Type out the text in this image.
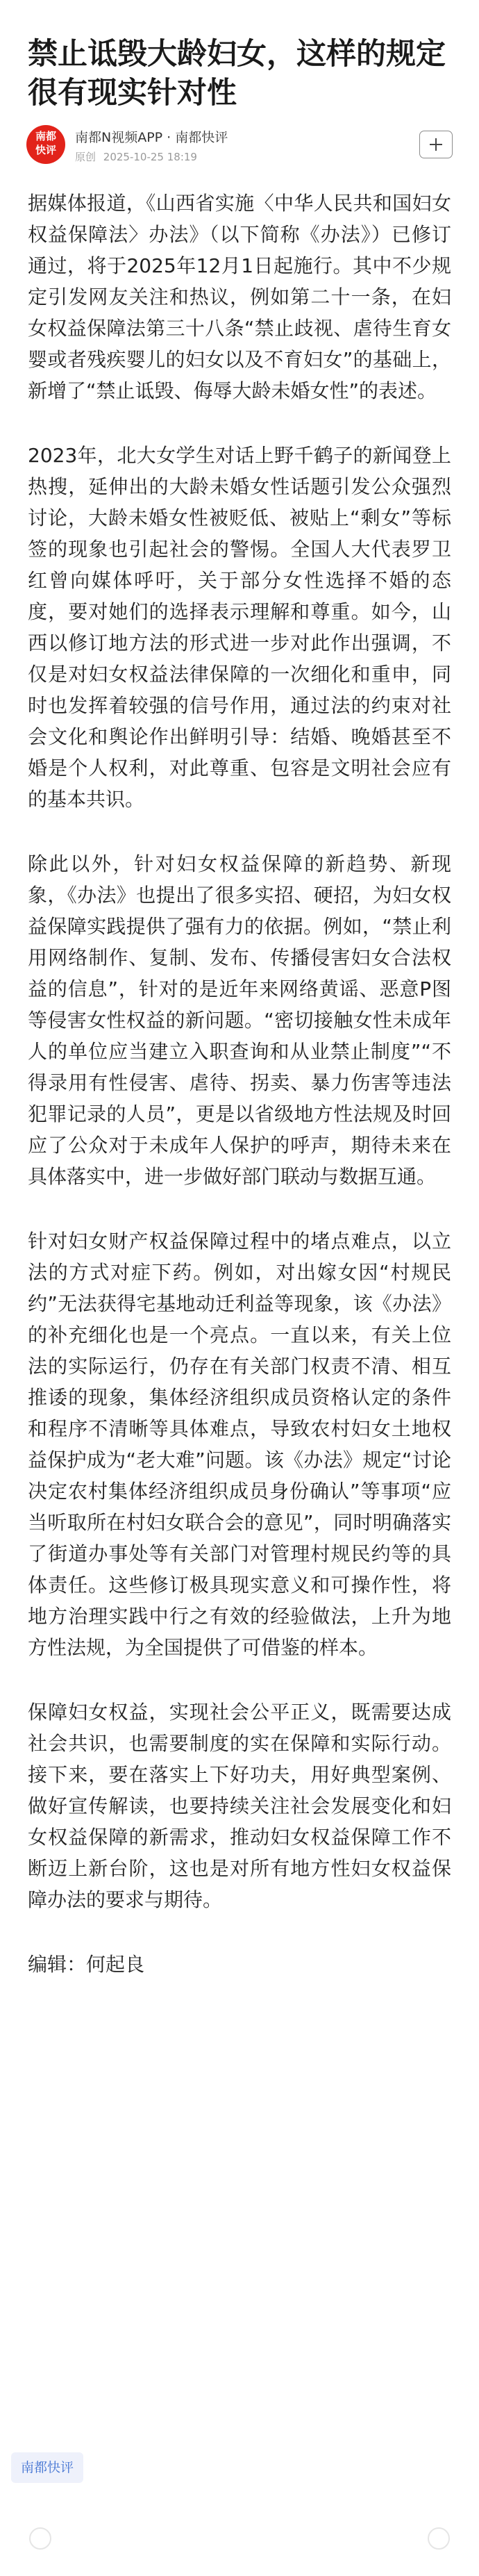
禁止诋毁大龄妇女，这样的规定很有现实针对性
南都
快评
南都N视频APP · 南都快评
原创 2025-10-25 18:19

据媒体报道，《山西省实施〈中华人民共和国妇女权益保障法〉办法》（以下简称《办法》）已修订通过，将于2025年12月1日起施行。其中不少规定引发网友关注和热议，例如第二十一条，在妇女权益保障法第三十八条“禁止歧视、虐待生育女婴或者残疾婴儿的妇女以及不育妇女”的基础上，新增了“禁止诋毁、侮辱大龄未婚女性”的表述。

2023年，北大女学生对话上野千鹤子的新闻登上热搜，延伸出的大龄未婚女性话题引发公众强烈讨论，大龄未婚女性被贬低、被贴上“剩女”等标签的现象也引起社会的警惕。全国人大代表罗卫红曾向媒体呼吁，关于部分女性选择不婚的态度，要对她们的选择表示理解和尊重。如今，山西以修订地方法的形式进一步对此作出强调，不仅是对妇女权益法律保障的一次细化和重申，同时也发挥着较强的信号作用，通过法的约束对社会文化和舆论作出鲜明引导：结婚、晚婚甚至不婚是个人权利，对此尊重、包容是文明社会应有的基本共识。

除此以外，针对妇女权益保障的新趋势、新现象，《办法》也提出了很多实招、硬招，为妇女权益保障实践提供了强有力的依据。例如，“禁止利用网络制作、复制、发布、传播侵害妇女合法权益的信息”，针对的是近年来网络黄谣、恶意P图等侵害女性权益的新问题。“密切接触女性未成年人的单位应当建立入职查询和从业禁止制度”“不得录用有性侵害、虐待、拐卖、暴力伤害等违法犯罪记录的人员”，更是以省级地方性法规及时回应了公众对于未成年人保护的呼声，期待未来在具体落实中，进一步做好部门联动与数据互通。

针对妇女财产权益保障过程中的堵点难点，以立法的方式对症下药。例如，对出嫁女因“村规民约”无法获得宅基地动迁利益等现象，该《办法》的补充细化也是一个亮点。一直以来，有关上位法的实际运行，仍存在有关部门权责不清、相互推诿的现象，集体经济组织成员资格认定的条件和程序不清晰等具体难点，导致农村妇女土地权益保护成为“老大难”问题。该《办法》规定“讨论决定农村集体经济组织成员身份确认”等事项“应当听取所在村妇女联合会的意见”，同时明确落实了街道办事处等有关部门对管理村规民约等的具体责任。这些修订极具现实意义和可操作性，将地方治理实践中行之有效的经验做法，上升为地方性法规，为全国提供了可借鉴的样本。

保障妇女权益，实现社会公平正义，既需要达成社会共识，也需要制度的实在保障和实际行动。接下来，要在落实上下好功夫，用好典型案例、做好宣传解读，也要持续关注社会发展变化和妇女权益保障的新需求，推动妇女权益保障工作不断迈上新台阶，这也是对所有地方性妇女权益保障办法的要求与期待。

编辑：何起良

南都快评
